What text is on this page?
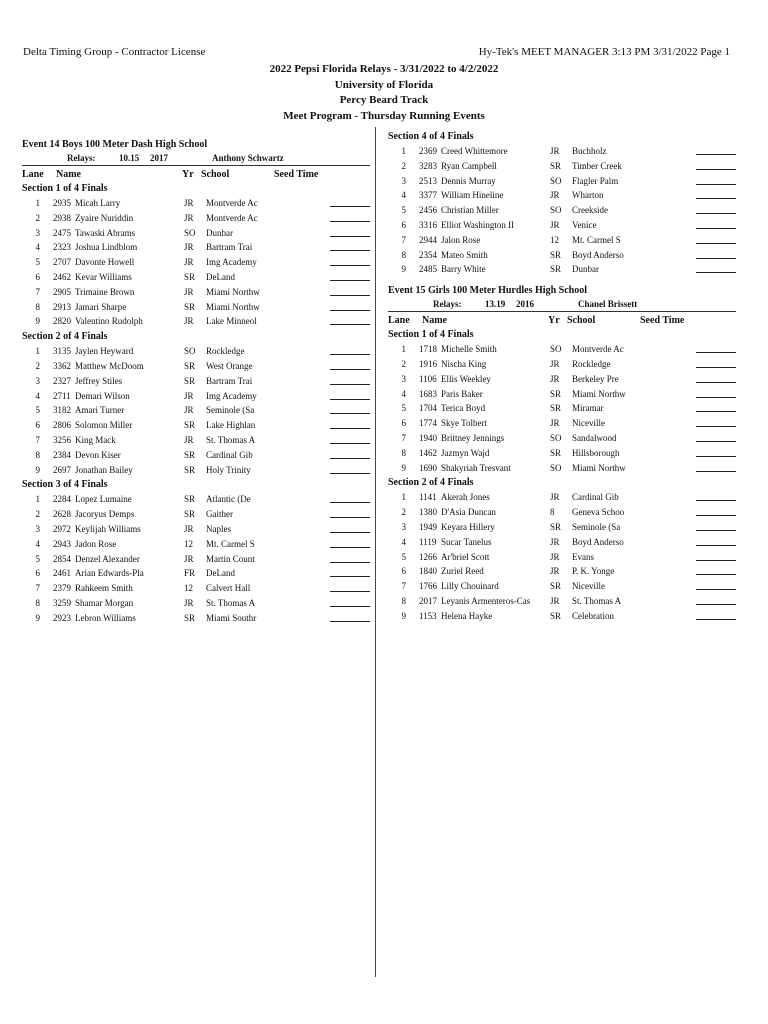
Delta Timing Group - Contractor License	Hy-Tek's MEET MANAGER 3:13 PM 3/31/2022 Page 1
2022 Pepsi Florida Relays - 3/31/2022 to 4/2/2022
University of Florida
Percy Beard Track
Meet Program - Thursday Running Events
Event 14 Boys 100 Meter Dash High School
Relays:	10.15 2017	Anthony Schwartz
Lane Name	Yr School	Seed Time
Section 1 of 4 Finals
1 2935 Micah Larry	JR Montverde Ac
2 2938 Zyaire Nuriddin	JR Montverde Ac
3 2475 Tawaski Abrams	SO Dunbar
4 2323 Joshua Lindblom	JR Bartram Trai
5 2707 Davonte Howell	JR Img Academy
6 2462 Kevar Williams	SR DeLand
7 2905 Trimaine Brown	JR Miami Northw
8 2913 Jamari Sharpe	SR Miami Northw
9 2820 Valentino Rudolph	JR Lake Minneol
Section 2 of 4 Finals
1 3135 Jaylen Heyward	SO Rockledge
2 3362 Matthew McDoom	SR West Orange
3 2327 Jeffrey Stiles	SR Bartram Trai
4 2711 Demari Wilson	JR Img Academy
5 3182 Amari Turner	JR Seminole (Sa
6 2806 Solomon Miller	SR Lake Highlan
7 3256 King Mack	JR St. Thomas A
8 2384 Devon Kiser	SR Cardinal Gib
9 2697 Jonathan Bailey	SR Holy Trinity
Section 3 of 4 Finals
1 2284 Lopez Lumaine	SR Atlantic (De
2 2628 Jacoryus Demps	SR Gaither
3 2972 Keylijah Williams	JR Naples
4 2943 Jadon Rose	12 Mt. Carmel S
5 2854 Denzel Alexander	JR Martin Count
6 2461 Arian Edwards-Pla	FR DeLand
7 2379 Rahkeem Smith	12 Calvert Hall
8 3259 Shamar Morgan	JR St. Thomas A
9 2923 Lebron Williams	SR Miami Southr
Section 4 of 4 Finals
1 2369 Creed Whittemore	JR Buchholz
2 3283 Ryan Campbell	SR Timber Creek
3 2513 Dennis Murray	SO Flagler Palm
4 3377 William Hineline	JR Wharton
5 2456 Christian Miller	SO Creekside
6 3316 Elliot Washington II	JR Venice
7 2944 Jalon Rose	12 Mt. Carmel S
8 2354 Mateo Smith	SR Boyd Anderso
9 2485 Barry White	SR Dunbar
Event 15 Girls 100 Meter Hurdles High School
Relays:	13.19 2016	Chanel Brissett
Lane Name	Yr School	Seed Time
Section 1 of 4 Finals
1 1718 Michelle Smith	SO Montverde Ac
2 1916 Nischa King	JR Rockledge
3 1106 Ellis Weekley	JR Berkeley Pre
4 1683 Paris Baker	SR Miami Northw
5 1704 Terica Boyd	SR Miramar
6 1774 Skye Tolbert	JR Niceville
7 1940 Brittney Jennings	SO Sandalwood
8 1462 Jazmyn Wajd	SR Hillsborough
9 1690 Shakyriah Tresvant	SO Miami Northw
Section 2 of 4 Finals
1 1141 Akerah Jones	JR Cardinal Gib
2 1380 D'Asia Duncan	8 Geneva Schoo
3 1949 Keyara Hillery	SR Seminole (Sa
4 1119 Sucar Tanelus	JR Boyd Anderso
5 1266 Ar'briel Scott	JR Evans
6 1840 Zuriel Reed	JR P. K. Yonge
7 1766 Lilly Chouinard	SR Niceville
8 2017 Leyanis Armenteros-Cas	JR St. Thomas A
9 1153 Helena Hayke	SR Celebration
